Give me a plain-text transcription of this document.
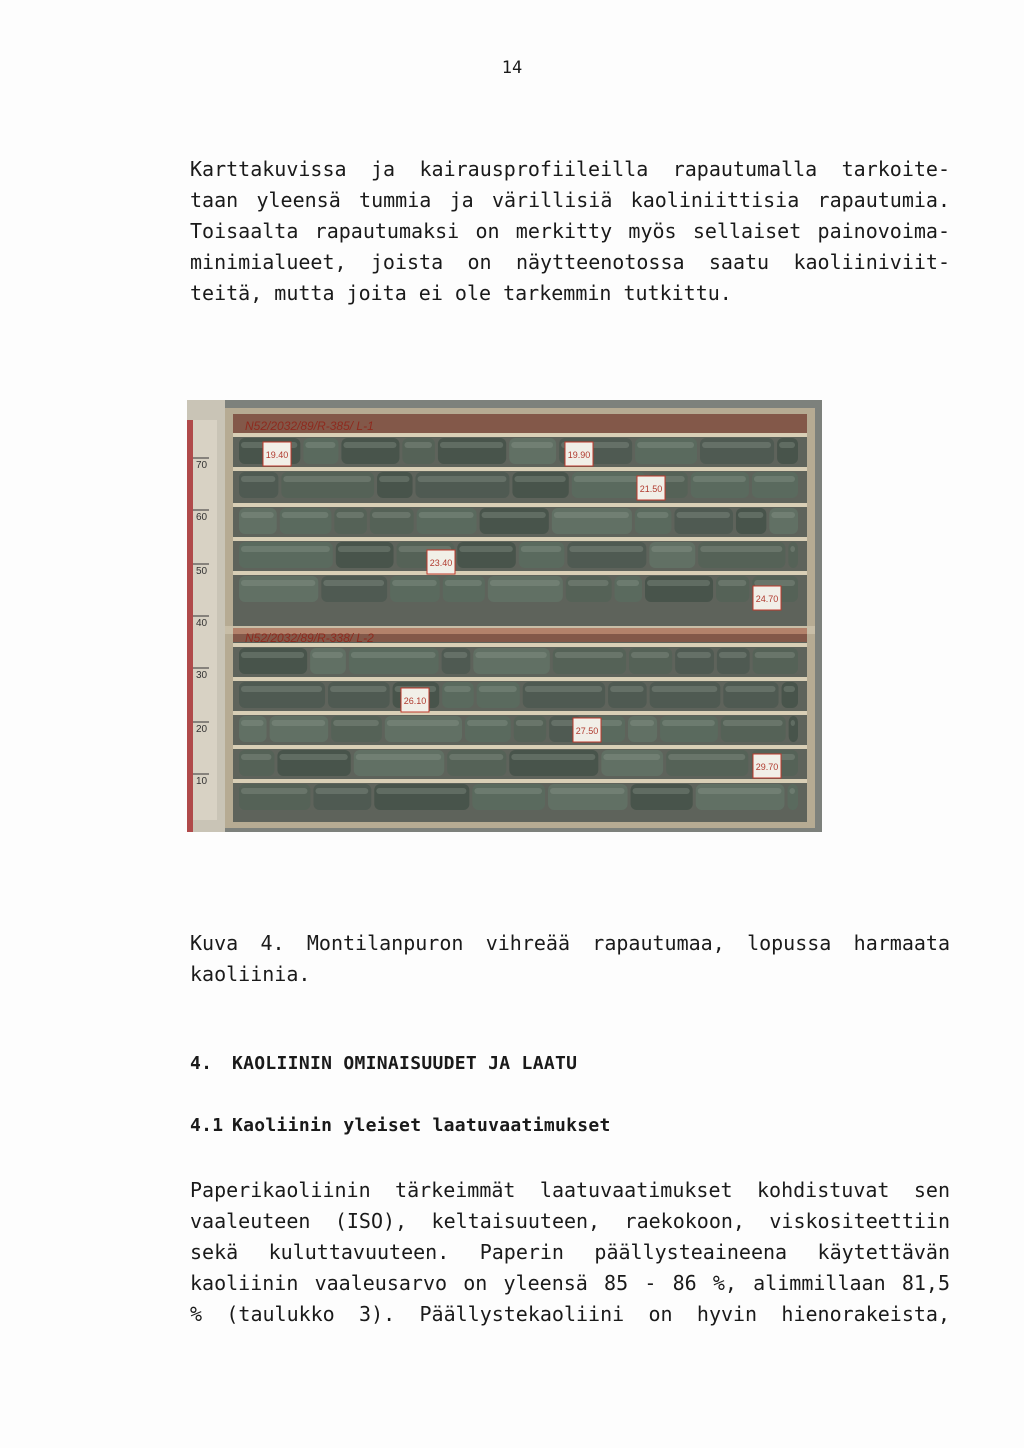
14

Karttakuvissa ja kairausprofiileilla rapautumalla tarkoite-
taan yleensä tummia ja värillisiä kaoliniittisia rapautumia.
Toisaalta rapautumaksi on merkitty myös sellaiset painovoima-
minimialueet, joista on näytteenotossa saatu kaoliiniviit-
teitä, mutta joita ei ole tarkemmin tutkittu.

19.40	19.90
21.50
23.40
24.70
26.10
27.50
29.70
70
60
50
40
30
20
10
N52/2032/89/R-385/ L-1
N52/2032/89/R-338/ L-2

Kuva 4. Montilanpuron vihreää rapautumaa, lopussa harmaata
kaoliinia.

4. KAOLIININ OMINAISUUDET JA LAATU
4.1 Kaoliinin yleiset laatuvaatimukset

Paperikaoliinin tärkeimmät laatuvaatimukset kohdistuvat sen
vaaleuteen (ISO), keltaisuuteen, raekokoon, viskositeettiin
sekä kuluttavuuteen. Paperin päällysteaineena käytettävän
kaoliinin vaaleusarvo on yleensä 85 - 86 %, alimmillaan 81,5
% (taulukko 3). Päällystekaoliini on hyvin hienorakeista,
